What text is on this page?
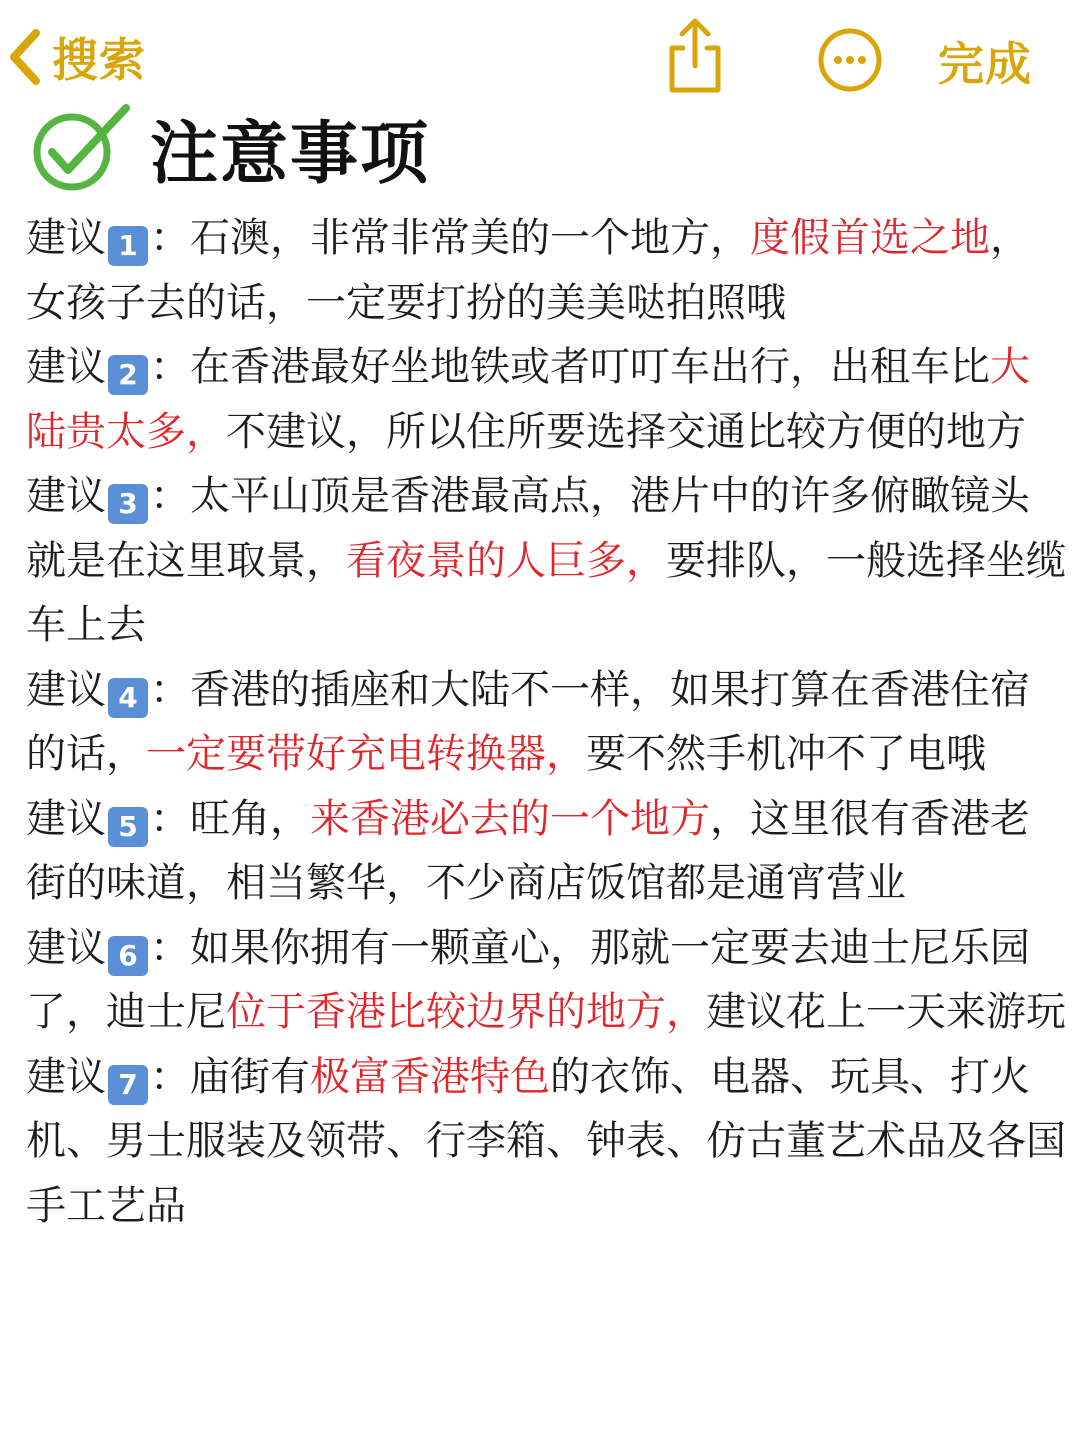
搜索	完成
注意事项

建议 1 ：石澳，非常非常美的一个地方，度假首选之地，女孩子去的话，一定要打扮的美美哒拍照哦

建议 2 ：在香港最好坐地铁或者叮叮车出行，出租车比大陆贵太多，不建议，所以住所要选择交通比较方便的地方

建议 3 ：太平山顶是香港最高点，港片中的许多俯瞰镜头就是在这里取景，看夜景的人巨多，要排队，一般选择坐缆车上去

建议 4 ：香港的插座和大陆不一样，如果打算在香港住宿的话，一定要带好充电转换器，要不然手机冲不了电哦

建议 5 ：旺角，来香港必去的一个地方，这里很有香港老街的味道，相当繁华，不少商店饭馆都是通宵营业

建议 6 ：如果你拥有一颗童心，那就一定要去迪士尼乐园了，迪士尼位于香港比较边界的地方，建议花上一天来游玩

建议 7 ：庙街有极富香港特色的衣饰、电器、玩具、打火机、男士服装及领带、行李箱、钟表、仿古董艺术品及各国手工艺品
